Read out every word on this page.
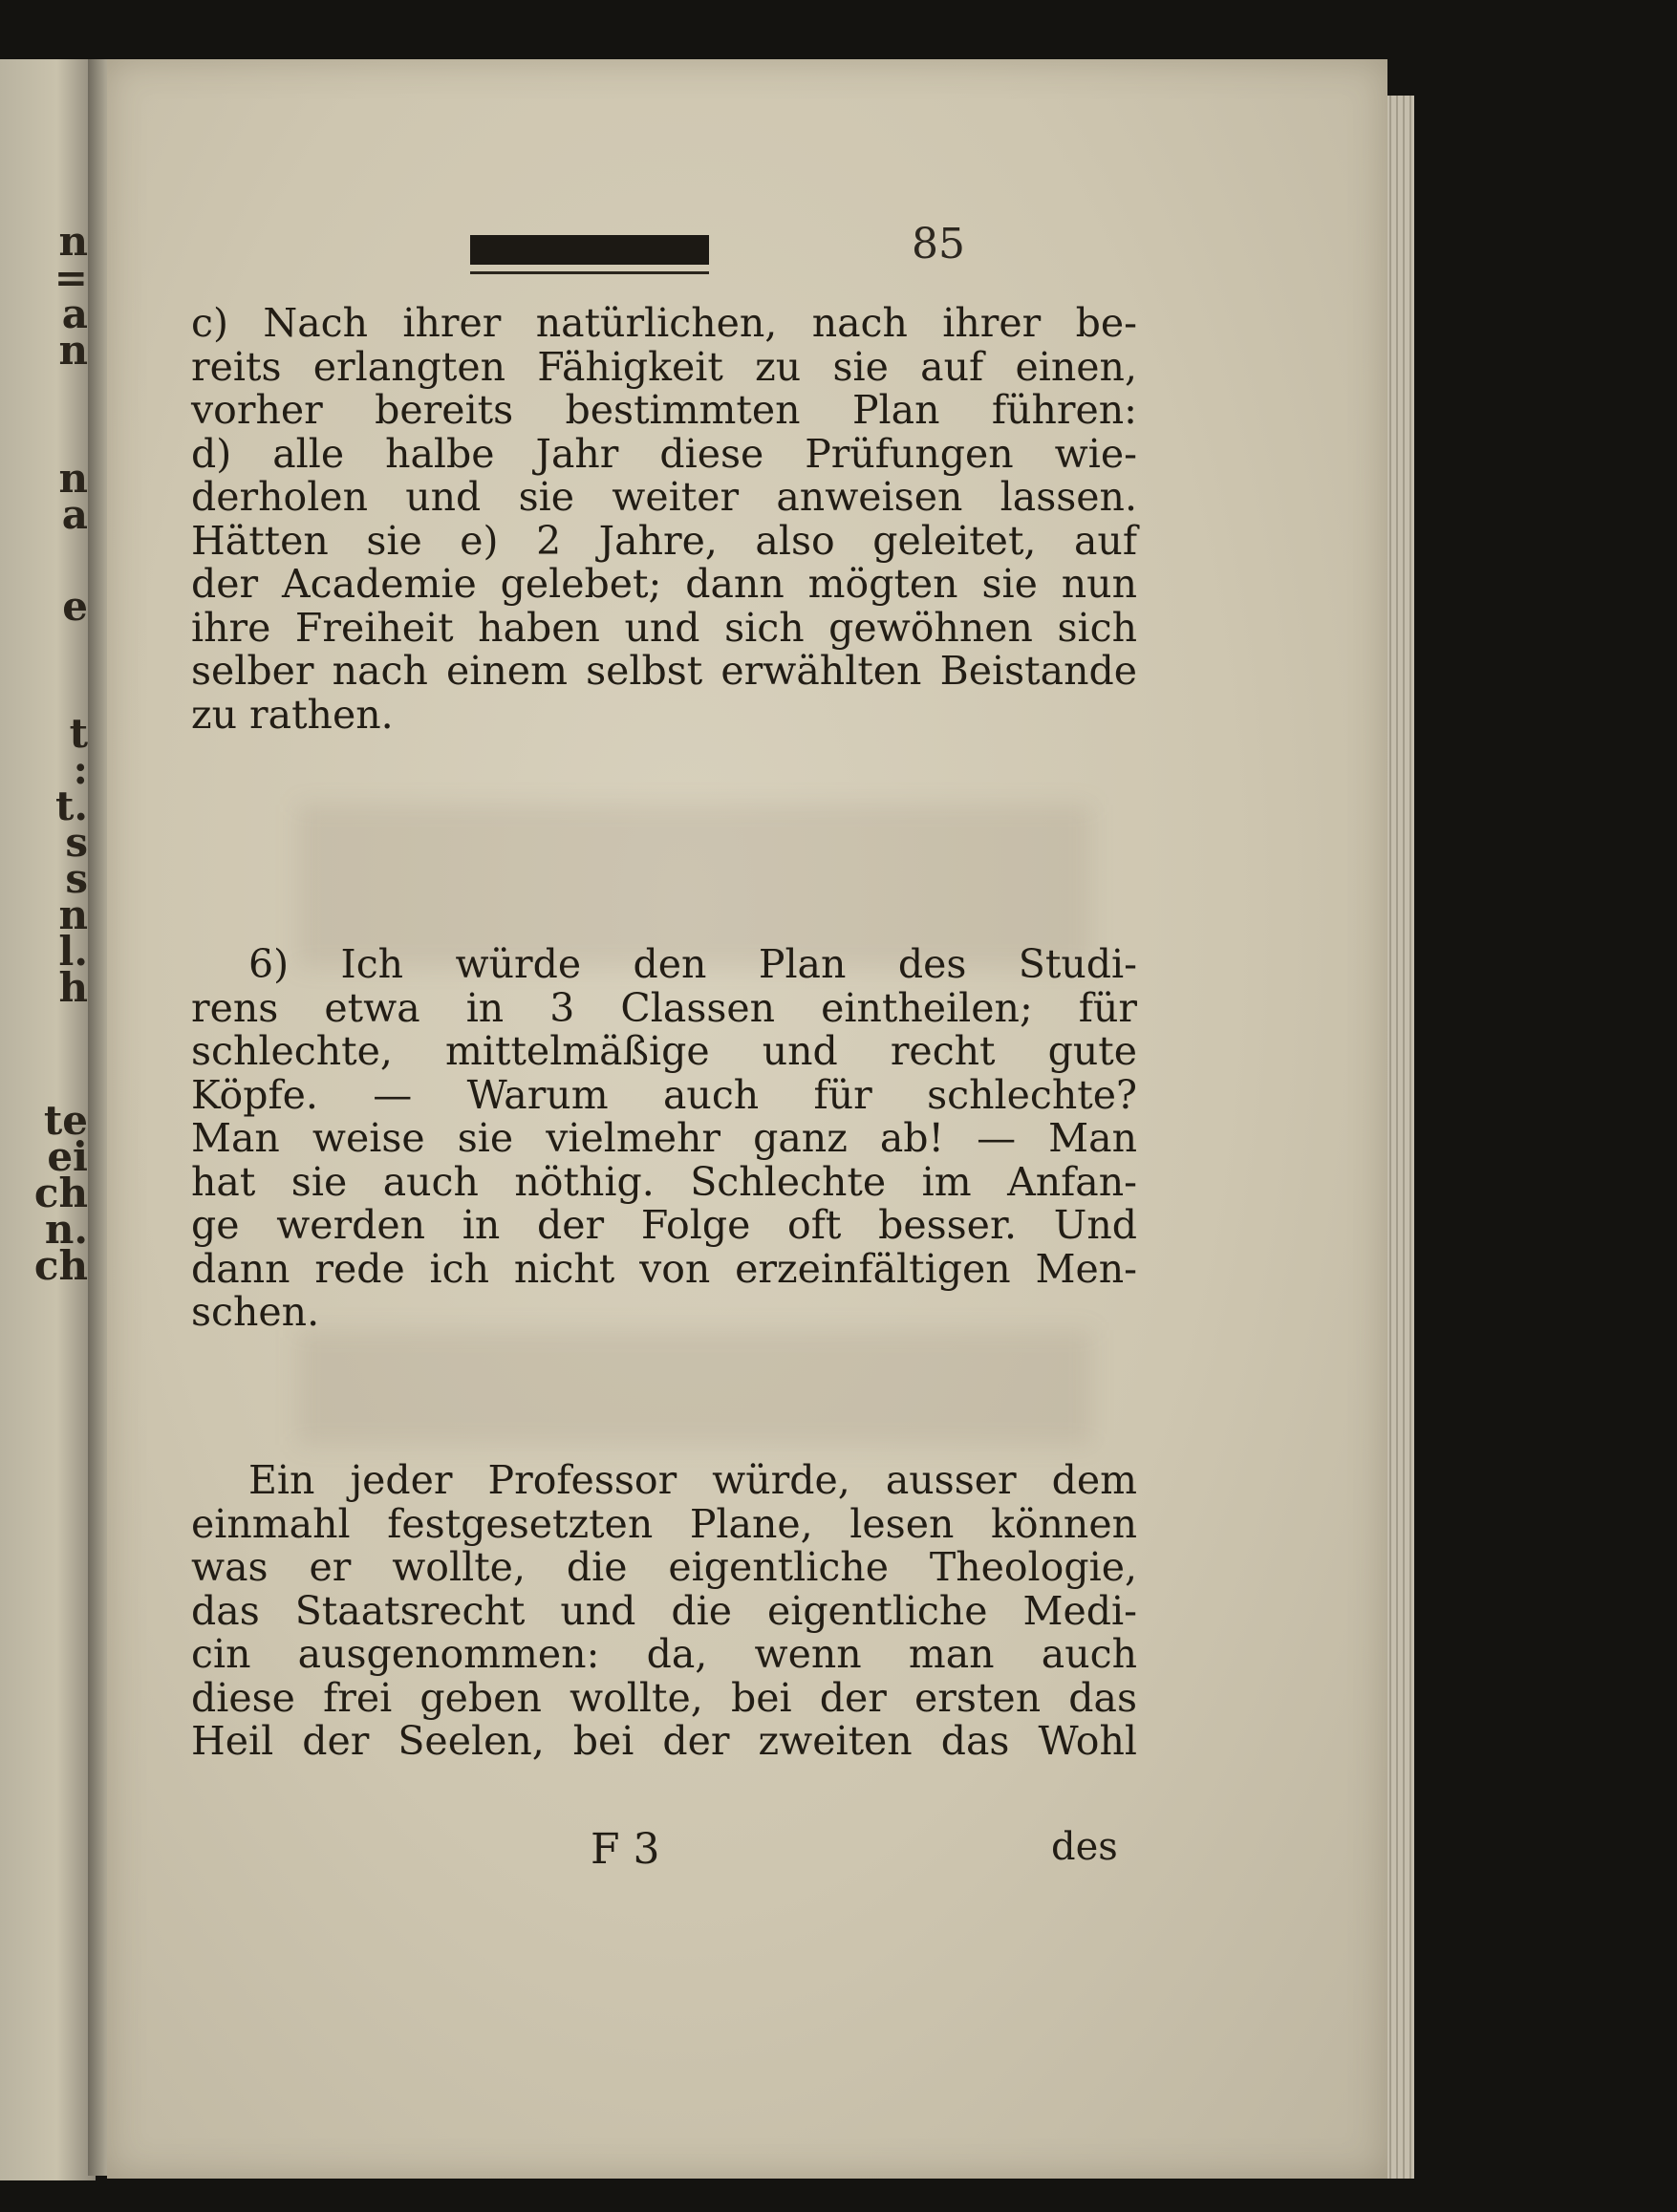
n
=
a
n
n
a
e
t
:
t.
s
s
n
l.
h
te
ei
ch
n.
ch
85
c) Nach ihrer natürlichen, nach ihrer be-
reits erlangten Fähigkeit zu sie auf einen,
vorher bereits bestimmten Plan führen:
d) alle halbe Jahr diese Prüfungen wie-
derholen und sie weiter anweisen lassen.
Hätten sie e) 2 Jahre, also geleitet, auf
der Academie gelebet; dann mögten sie nun
ihre Freiheit haben und sich gewöhnen sich
selber nach einem selbst erwählten Beistande
zu rathen.
6) Ich würde den Plan des Studi-
rens etwa in 3 Classen eintheilen; für
schlechte, mittelmäßige und recht gute
Köpfe. — Warum auch für schlechte?
Man weise sie vielmehr ganz ab! — Man
hat sie auch nöthig. Schlechte im Anfan-
ge werden in der Folge oft besser. Und
dann rede ich nicht von erzeinfältigen Men-
schen.
Ein jeder Professor würde, ausser dem
einmahl festgesetzten Plane, lesen können
was er wollte, die eigentliche Theologie,
das Staatsrecht und die eigentliche Medi-
cin ausgenommen: da, wenn man auch
diese frei geben wollte, bei der ersten das
Heil der Seelen, bei der zweiten das Wohl
F 3	des
